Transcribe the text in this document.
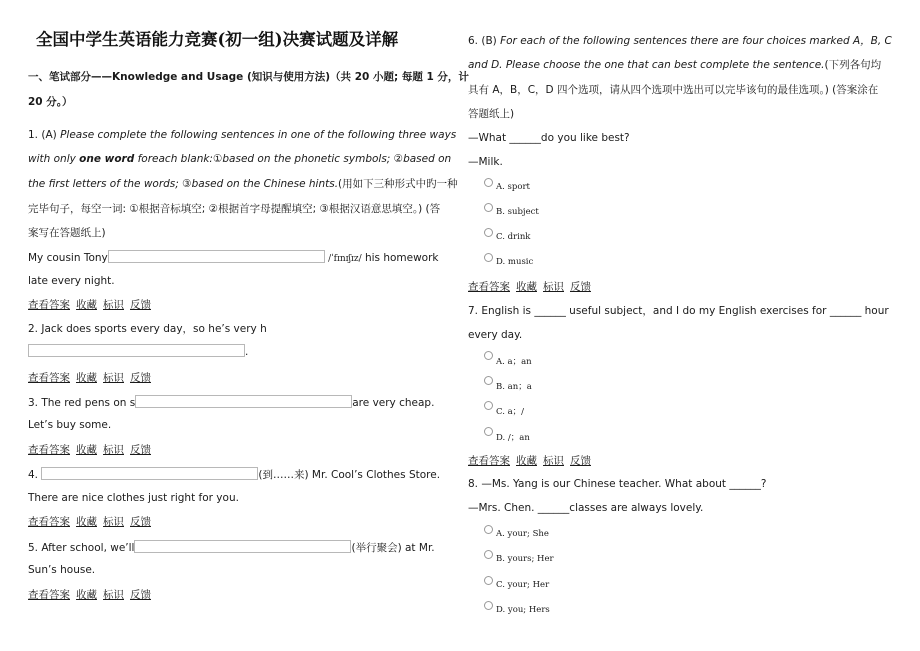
全国中学生英语能力竞赛(初一组)决赛试题及详解
一、笔试部分——Knowledge and Usage (知识与使用方法)（共 20 小题; 每题 1 分，计
20 分。）
1. (A) Please complete the following sentences in one of the following three ways
with only one word foreach blank:①based on the phonetic symbols; ②based on
the first letters of the words; ③based on the Chinese hints.(用如下三种形式中旳一种
完毕句子，每空一词: ①根据音标填空; ②根据首字母提醒填空; ③根据汉语意思填空。) (答
案写在答题纸上)
My cousin Tony	/ˈfɪnɪʃɪz/ his homework
late every night.
查看答案 收藏 标识 反馈
2. Jack does sports every day，so he’s very h
.
查看答案 收藏 标识 反馈
3. The red pens on s	are very cheap.
Let’s buy some.
查看答案 收藏 标识 反馈
4.	(到……来) Mr. Cool’s Clothes Store.
There are nice clothes just right for you.
查看答案 收藏 标识 反馈
5. After school, we’ll	(举行聚会) at Mr.
Sun’s house.
查看答案 收藏 标识 反馈
6. (B) For each of the following sentences there are four choices marked A，B, C
and D. Please choose the one that can best complete the sentence.(下列各句均
具有 A，B，C，D 四个选项，请从四个选项中选出可以完毕该句的最佳选项。) (答案涂在
答题纸上)
—What ______do you like best?
—Milk.
A. sport
B. subject
C. drink
D. music
查看答案 收藏 标识 反馈
7. English is ______ useful subject，and I do my English exercises for ______ hour
every day.
A. a；an
B. an；a
C. a；/
D. /；an
查看答案 收藏 标识 反馈
8. —Ms. Yang is our Chinese teacher. What about ______?
—Mrs. Chen. ______classes are always lovely.
A. your; She
B. yours; Her
C. your; Her
D. you; Hers
